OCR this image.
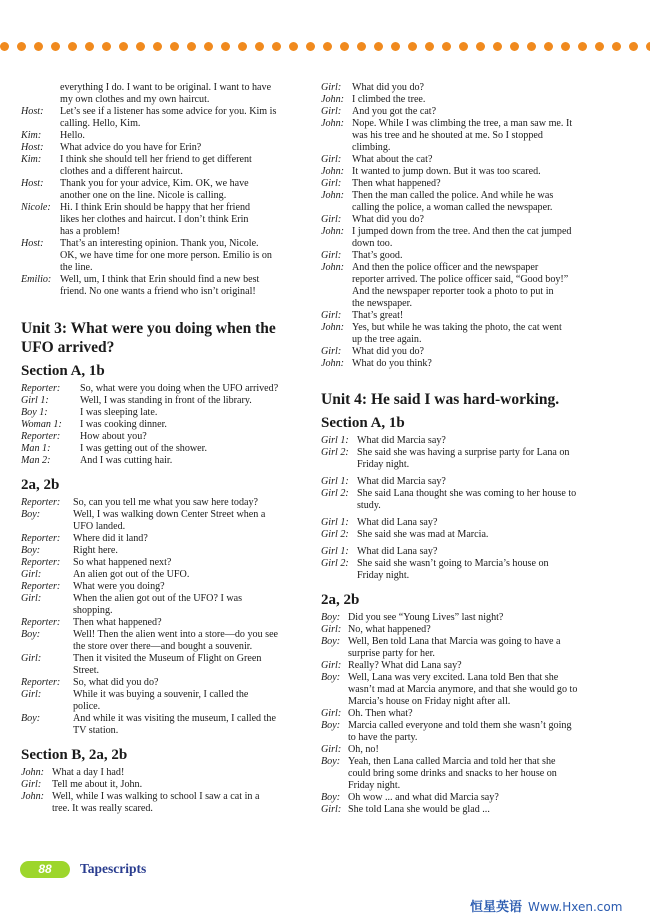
everything I do. I want to be original. I want to have
my own clothes and my own haircut.
Host:	Let’s see if a listener has some advice for you. Kim is
calling. Hello, Kim.
Kim:	Hello.
Host:	What advice do you have for Erin?
Kim:	I think she should tell her friend to get different
clothes and a different haircut.
Host:	Thank you for your advice, Kim. OK, we have
another one on the line. Nicole is calling.
Nicole: Hi. I think Erin should be happy that her friend
likes her clothes and haircut. I don’t think Erin
has a problem!
Host:	That’s an interesting opinion. Thank you, Nicole.
OK, we have time for one more person. Emilio is on
the line.
Emilio: Well, um, I think that Erin should find a new best
friend. No one wants a friend who isn’t original!
Unit 3: What were you doing when the
UFO arrived?
Section A, 1b
Reporter:	So, what were you doing when the UFO arrived?
Girl 1:	Well, I was standing in front of the library.
Boy 1:	I was sleeping late.
Woman 1:	I was cooking dinner.
Reporter:	How about you?
Man 1:	I was getting out of the shower.
Man 2:	And I was cutting hair.
2a, 2b
Reporter:	So, can you tell me what you saw here today?
Boy:	Well, I was walking down Center Street when a
UFO landed.
Reporter:	Where did it land?
Boy:	Right here.
Reporter:	So what happened next?
Girl:	An alien got out of the UFO.
Reporter:	What were you doing?
Girl:	When the alien got out of the UFO? I was
shopping.
Reporter:	Then what happened?
Boy:	Well! Then the alien went into a store—do you see
the store over there—and bought a souvenir.
Girl:	Then it visited the Museum of Flight on Green
Street.
Reporter:	So, what did you do?
Girl:	While it was buying a souvenir, I called the
police.
Boy:	And while it was visiting the museum, I called the
TV station.
Section B, 2a, 2b
John: What a day I had!
Girl:	Tell me about it, John.
John: Well, while I was walking to school I saw a cat in a
tree. It was really scared.
Girl:	What did you do?
John: I climbed the tree.
Girl:	And you got the cat?
John: Nope. While I was climbing the tree, a man saw me. It
was his tree and he shouted at me. So I stopped
climbing.
Girl:	What about the cat?
John: It wanted to jump down. But it was too scared.
Girl:	Then what happened?
John: Then the man called the police. And while he was
calling the police, a woman called the newspaper.
Girl:	What did you do?
John: I jumped down from the tree. And then the cat jumped
down too.
Girl:	That’s good.
John: And then the police officer and the newspaper
reporter arrived. The police officer said, “Good boy!”
And the newspaper reporter took a photo to put in
the newspaper.
Girl:	That’s great!
John: Yes, but while he was taking the photo, the cat went
up the tree again.
Girl:	What did you do?
John: What do you think?
Unit 4: He said I was hard-working.
Section A, 1b
Girl 1: What did Marcia say?
Girl 2: She said she was having a surprise party for Lana on
Friday night.
Girl 1: What did Marcia say?
Girl 2: She said Lana thought she was coming to her house to
study.
Girl 1: What did Lana say?
Girl 2: She said she was mad at Marcia.
Girl 1: What did Lana say?
Girl 2: She said she wasn’t going to Marcia’s house on
Friday night.
2a, 2b
Boy: Did you see “Young Lives” last night?
Girl: No, what happened?
Boy: Well, Ben told Lana that Marcia was going to have a
surprise party for her.
Girl: Really? What did Lana say?
Boy: Well, Lana was very excited. Lana told Ben that she
wasn’t mad at Marcia anymore, and that she would go to
Marcia’s house on Friday night after all.
Girl: Oh. Then what?
Boy: Marcia called everyone and told them she wasn’t going
to have the party.
Girl: Oh, no!
Boy: Yeah, then Lana called Marcia and told her that she
could bring some drinks and snacks to her house on
Friday night.
Boy: Oh wow ... and what did Marcia say?
Girl: She told Lana she would be glad ...
88	Tapescripts
恒星英语 Www.Hxen.com
